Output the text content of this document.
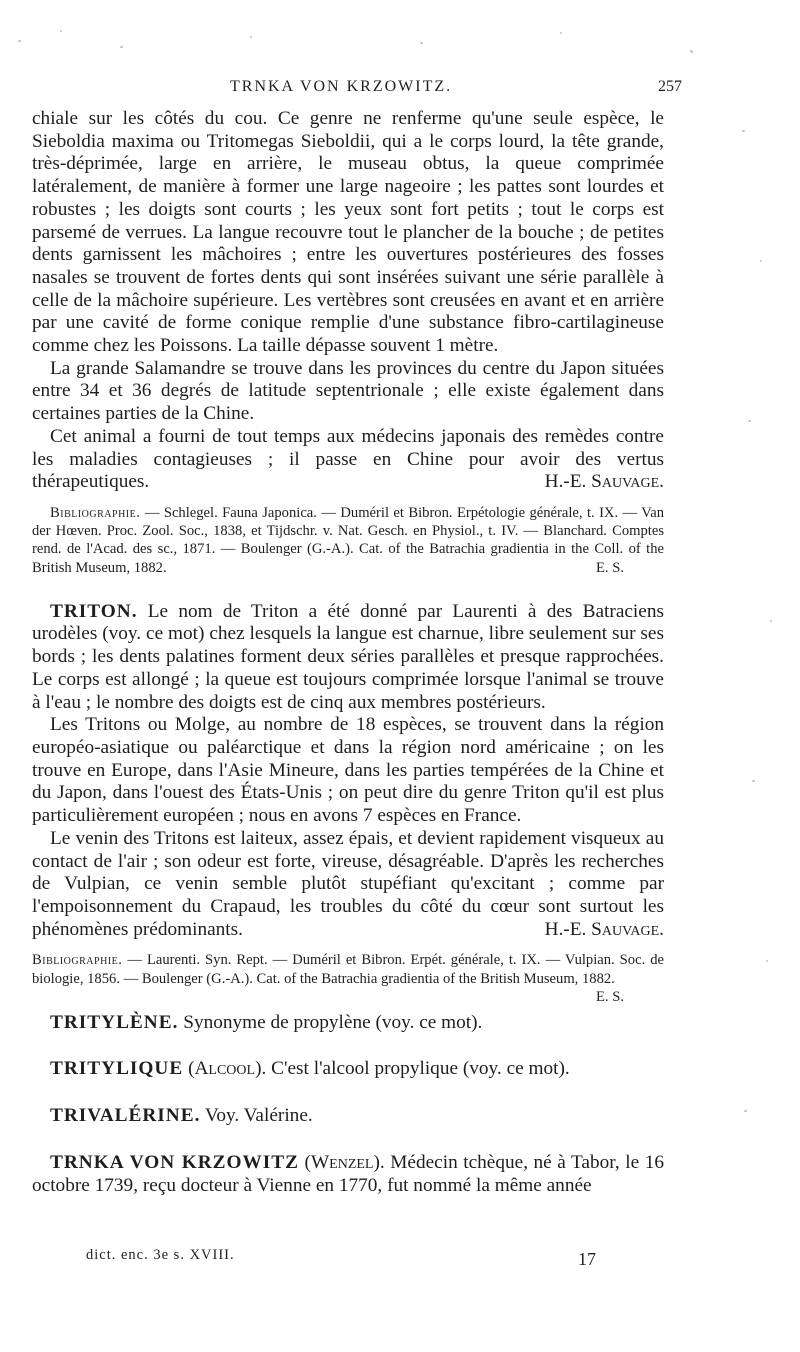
TRNKA VON KRZOWITZ.	257

chiale sur les côtés du cou. Ce genre ne renferme qu'une seule espèce, le Sieboldia maxima ou Tritomegas Sieboldii, qui a le corps lourd, la tête grande, très-déprimée, large en arrière, le museau obtus, la queue comprimée latéralement, de manière à former une large nageoire ; les pattes sont lourdes et robustes ; les doigts sont courts ; les yeux sont fort petits ; tout le corps est parsemé de verrues. La langue recouvre tout le plancher de la bouche ; de petites dents garnissent les mâchoires ; entre les ouvertures postérieures des fosses nasales se trouvent de fortes dents qui sont insérées suivant une série parallèle à celle de la mâchoire supérieure. Les vertèbres sont creusées en avant et en arrière par une cavité de forme conique remplie d'une substance fibro-cartilagineuse comme chez les Poissons. La taille dépasse souvent 1 mètre.

La grande Salamandre se trouve dans les provinces du centre du Japon situées entre 34 et 36 degrés de latitude septentrionale ; elle existe également dans certaines parties de la Chine.

Cet animal a fourni de tout temps aux médecins japonais des remèdes contre les maladies contagieuses ; il passe en Chine pour avoir des vertus thérapeutiques.	H.-E. Sauvage.

Bibliographie. — Schlegel. Fauna Japonica. — Duméril et Bibron. Erpétologie générale, t. IX. — Van der Hœven. Proc. Zool. Soc., 1838, et Tijdschr. v. Nat. Gesch. en Physiol., t. IV. — Blanchard. Comptes rend. de l'Acad. des sc., 1871. — Boulenger (G.-A.). Cat. of the Batrachia gradientia in the Coll. of the British Museum, 1882.	E. S.

TRITON. Le nom de Triton a été donné par Laurenti à des Batraciens urodèles (voy. ce mot) chez lesquels la langue est charnue, libre seulement sur ses bords ; les dents palatines forment deux séries parallèles et presque rapprochées. Le corps est allongé ; la queue est toujours comprimée lorsque l'animal se trouve à l'eau ; le nombre des doigts est de cinq aux membres postérieurs.

Les Tritons ou Molge, au nombre de 18 espèces, se trouvent dans la région européo-asiatique ou paléarctique et dans la région nord américaine ; on les trouve en Europe, dans l'Asie Mineure, dans les parties tempérées de la Chine et du Japon, dans l'ouest des États-Unis ; on peut dire du genre Triton qu'il est plus particulièrement européen ; nous en avons 7 espèces en France.

Le venin des Tritons est laiteux, assez épais, et devient rapidement visqueux au contact de l'air ; son odeur est forte, vireuse, désagréable. D'après les recherches de Vulpian, ce venin semble plutôt stupéfiant qu'excitant ; comme par l'empoisonnement du Crapaud, les troubles du côté du cœur sont surtout les phénomènes prédominants.	H.-E. Sauvage.

Bibliographie. — Laurenti. Syn. Rept. — Duméril et Bibron. Erpét. générale, t. IX. — Vulpian. Soc. de biologie, 1856. — Boulenger (G.-A.). Cat. of the Batrachia gradientia of the British Museum, 1882.
E. S.

TRITYLÈNE. Synonyme de propylène (voy. ce mot).

TRITYLIQUE (Alcool). C'est l'alcool propylique (voy. ce mot).

TRIVALÉRINE. Voy. Valérine.

TRNKA VON KRZOWITZ (Wenzel). Médecin tchèque, né à Tabor, le 16 octobre 1739, reçu docteur à Vienne en 1770, fut nommé la même année

dict. enc. 3e s. XVIII.	17
